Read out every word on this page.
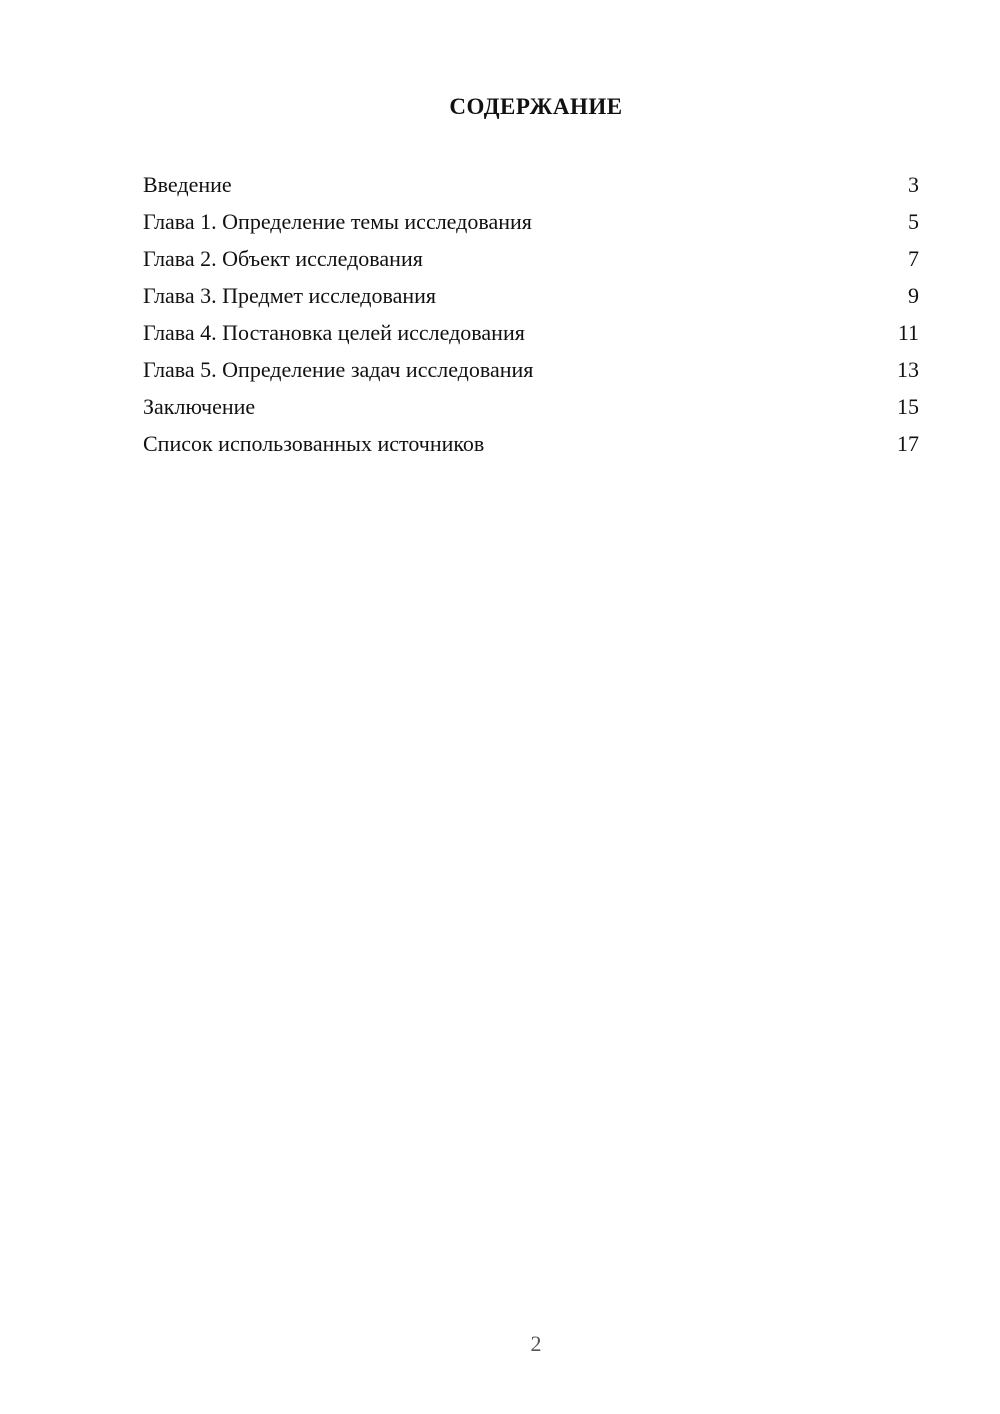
СОДЕРЖАНИЕ
Введение	3
Глава 1. Определение темы исследования	5
Глава 2. Объект исследования	7
Глава 3. Предмет исследования	9
Глава 4. Постановка целей исследования	11
Глава 5. Определение задач исследования	13
Заключение	15
Список использованных источников	17
2
